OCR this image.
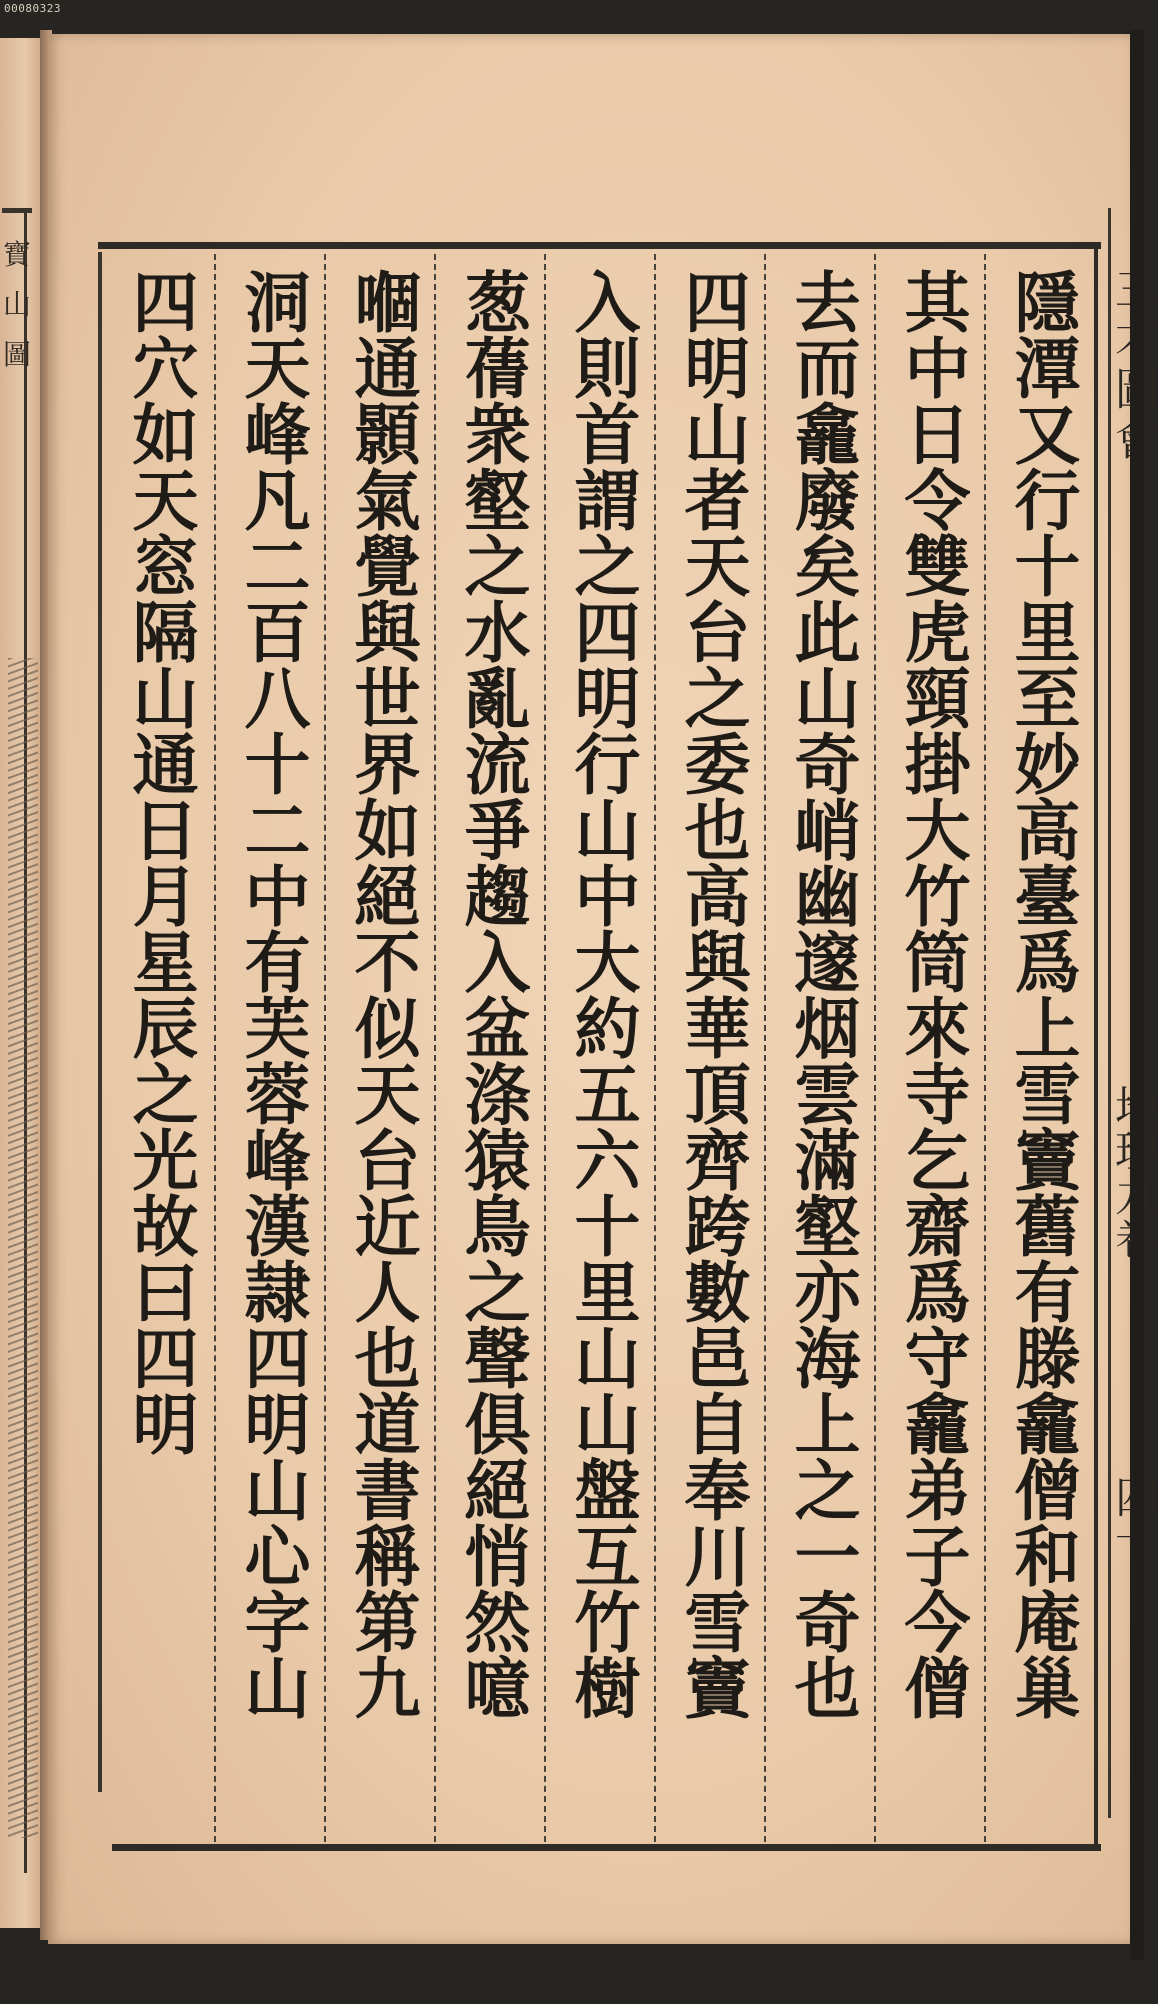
00080323
寶
山
圖	隱潭又行十里至妙高臺爲上雪竇舊有滕龕僧和庵巢
其中日令雙虎頸掛大竹筒來寺乞齋爲守龕弟子今僧
去而龕廢矣此山奇峭幽邃烟雲滿壑亦海上之一奇也
四明山者天台之委也高與華頂齊跨數邑自奉川雪竇
入則首謂之四明行山中大約五六十里山山盤互竹樹
葱蒨衆壑之水亂流爭趨入盆涤猿鳥之聲俱絕悄然噫
嗰通顥氣覺與世界如絕不似天台近人也道書稱第九
洞天峰凡二百八十二中有芙蓉峰漢隷四明山心字山
四穴如天窓隔山通日月星辰之光故曰四明
